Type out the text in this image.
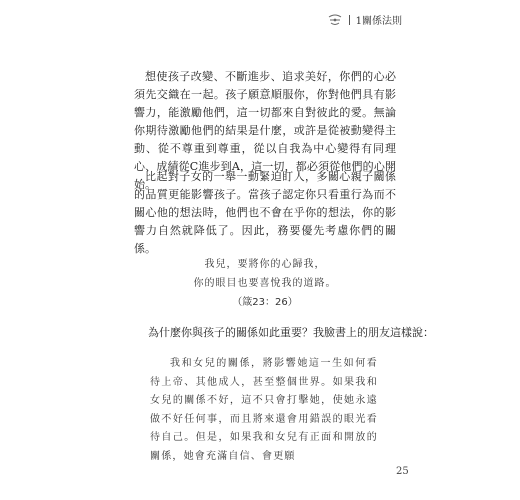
1關係法則

想使孩子改變、不斷進步、追求美好，你們的心必須先交織在一起。孩子願意順服你，你對他們具有影響力，能激勵他們，這一切都來自對彼此的愛。無論你期待激勵他們的結果是什麼，或許是從被動變得主動、從不尊重到尊重，從以自我為中心變得有同理心、成績從C進步到A，這一切，都必須從他們的心開始。

比起對子女的一舉一動緊迫盯人，多關心親子關係的品質更能影響孩子。當孩子認定你只看重行為而不關心他的想法時，他們也不會在乎你的想法，你的影響力自然就降低了。因此，務要優先考慮你們的關係。

我兒，要將你的心歸我，
你的眼目也要喜悅我的道路。
（箴23：26）
為什麼你與孩子的關係如此重要？我臉書上的朋友這樣說：

我和女兒的關係，將影響她這一生如何看待上帝、其他成人，甚至整個世界。如果我和女兒的關係不好，這不只會打擊她，使她永遠做不好任何事，而且將來還會用錯誤的眼光看待自己。但是，如果我和女兒有正面和開放的關係，她會充滿自信、會更願

25
